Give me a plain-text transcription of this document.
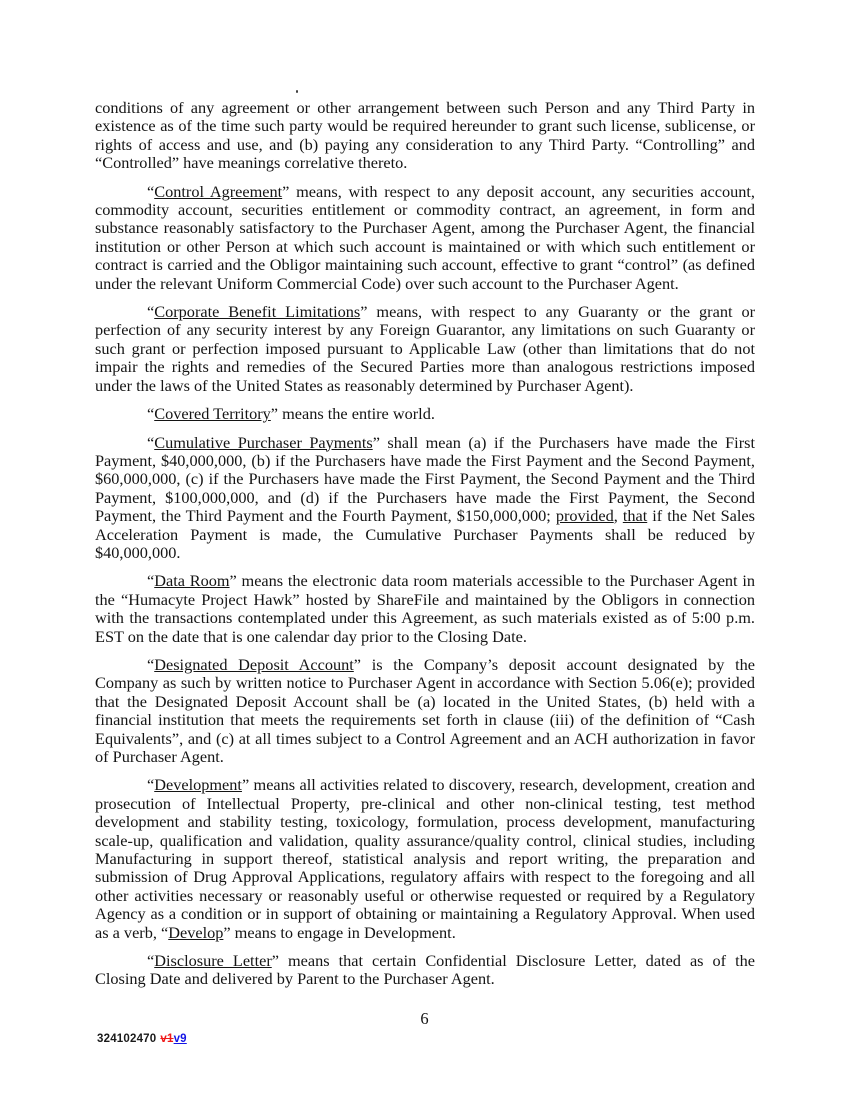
conditions of any agreement or other arrangement between such Person and any Third Party in existence as of the time such party would be required hereunder to grant such license, sublicense, or rights of access and use, and (b) paying any consideration to any Third Party. “Controlling” and “Controlled” have meanings correlative thereto.

“Control Agreement” means, with respect to any deposit account, any securities account, commodity account, securities entitlement or commodity contract, an agreement, in form and substance reasonably satisfactory to the Purchaser Agent, among the Purchaser Agent, the financial institution or other Person at which such account is maintained or with which such entitlement or contract is carried and the Obligor maintaining such account, effective to grant “control” (as defined under the relevant Uniform Commercial Code) over such account to the Purchaser Agent.

“Corporate Benefit Limitations” means, with respect to any Guaranty or the grant or perfection of any security interest by any Foreign Guarantor, any limitations on such Guaranty or such grant or perfection imposed pursuant to Applicable Law (other than limitations that do not impair the rights and remedies of the Secured Parties more than analogous restrictions imposed under the laws of the United States as reasonably determined by Purchaser Agent).

“Covered Territory” means the entire world.

“Cumulative Purchaser Payments” shall mean (a) if the Purchasers have made the First Payment, $40,000,000, (b) if the Purchasers have made the First Payment and the Second Payment, $60,000,000, (c) if the Purchasers have made the First Payment, the Second Payment and the Third Payment, $100,000,000, and (d) if the Purchasers have made the First Payment, the Second Payment, the Third Payment and the Fourth Payment, $150,000,000; provided, that if the Net Sales Acceleration Payment is made, the Cumulative Purchaser Payments shall be reduced by $40,000,000.

“Data Room” means the electronic data room materials accessible to the Purchaser Agent in the “Humacyte Project Hawk” hosted by ShareFile and maintained by the Obligors in connection with the transactions contemplated under this Agreement, as such materials existed as of 5:00 p.m. EST on the date that is one calendar day prior to the Closing Date.

“Designated Deposit Account” is the Company’s deposit account designated by the Company as such by written notice to Purchaser Agent in accordance with Section 5.06(e); provided that the Designated Deposit Account shall be (a) located in the United States, (b) held with a financial institution that meets the requirements set forth in clause (iii) of the definition of “Cash Equivalents”, and (c) at all times subject to a Control Agreement and an ACH authorization in favor of Purchaser Agent.

“Development” means all activities related to discovery, research, development, creation and prosecution of Intellectual Property, pre-clinical and other non-clinical testing, test method development and stability testing, toxicology, formulation, process development, manufacturing scale-up, qualification and validation, quality assurance/quality control, clinical studies, including Manufacturing in support thereof, statistical analysis and report writing, the preparation and submission of Drug Approval Applications, regulatory affairs with respect to the foregoing and all other activities necessary or reasonably useful or otherwise requested or required by a Regulatory Agency as a condition or in support of obtaining or maintaining a Regulatory Approval. When used as a verb, “Develop” means to engage in Development.

“Disclosure Letter” means that certain Confidential Disclosure Letter, dated as of the Closing Date and delivered by Parent to the Purchaser Agent.

6
324102470 v1v9
